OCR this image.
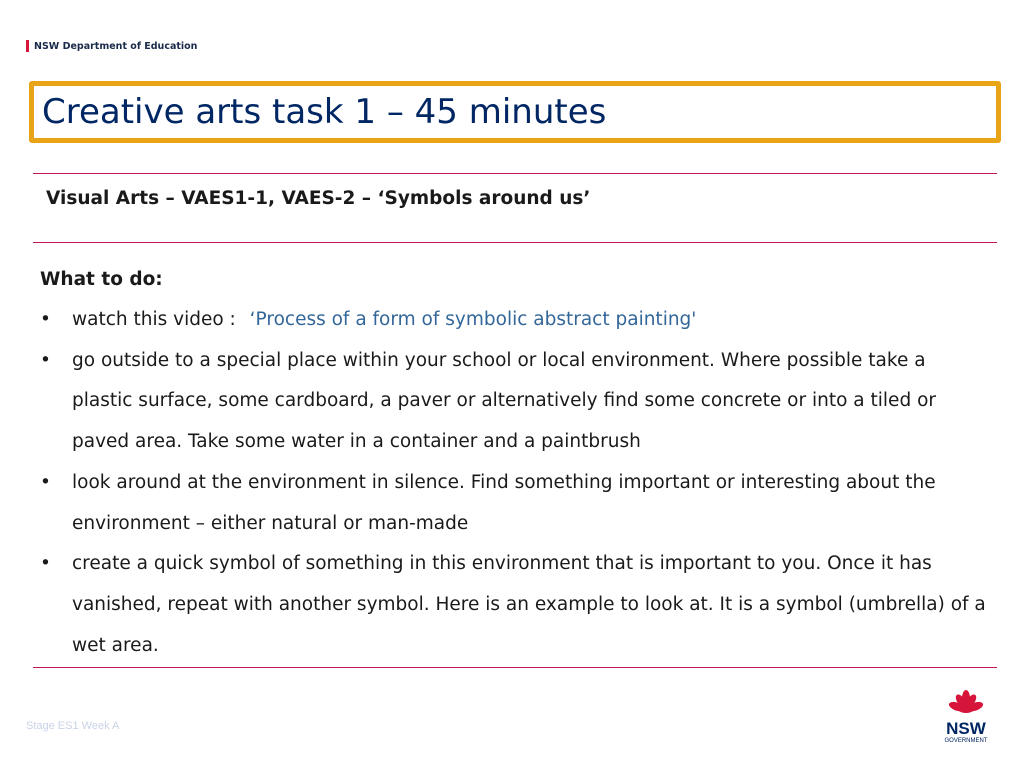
NSW Department of Education
Creative arts task 1 – 45 minutes
Visual Arts – VAES1-1, VAES-2 – ‘Symbols around us’
What to do:
• watch this video : ‘Process of a form of symbolic abstract painting'
• go outside to a special place within your school or local environment. Where possible take a plastic surface, some cardboard, a paver or alternatively find some concrete or into a tiled or paved area. Take some water in a container and a paintbrush
• look around at the environment in silence. Find something important or interesting about the environment – either natural or man-made
• create a quick symbol of something in this environment that is important to you. Once it has vanished, repeat with another symbol. Here is an example to look at. It is a symbol (umbrella) of a wet area.
Stage ES1 Week A	NSW
GOVERNMENT
